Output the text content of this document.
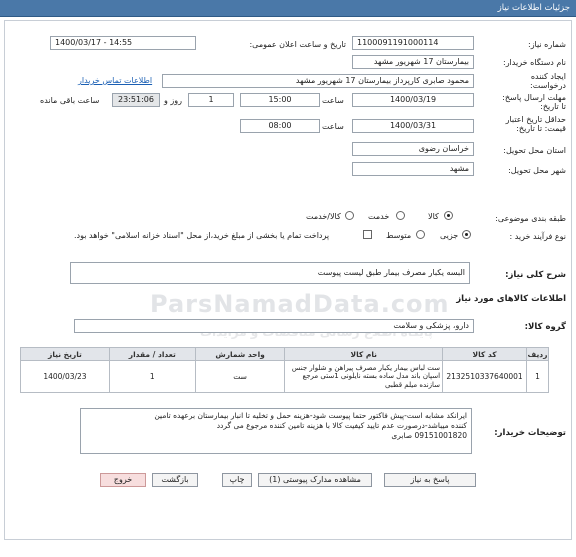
جزئیات اطلاعات نیاز
ParsNamadData.com
شماره نیاز:
1100091191000114
تاریخ و ساعت اعلان عمومی:
1400/03/17 - 14:55
نام دستگاه خریدار:
بیمارستان 17 شهریور مشهد
ایجاد کننده درخواست:
محمود صابری کارپرداز بیمارستان 17 شهریور مشهد
اطلاعات تماس خریدار
مهلت ارسال پاسخ: تا تاریخ:
1400/03/19
ساعت
15:00
1
روز و
23:51:06
ساعت باقی مانده
حداقل تاریخ اعتبار قیمت: تا تاریخ:
1400/03/31
ساعت
08:00
استان محل تحویل:
خراسان رضوی
شهر محل تحویل:
مشهد
طبقه بندی موضوعی:
کالا
خدمت
کالا/خدمت
نوع فرآیند خرید :
جزیی
متوسط
پرداخت تمام یا بخشی از مبلغ خرید،از محل "اسناد خزانه اسلامی" خواهد بود.
شرح کلی نیاز:
البسه یکبار مصرف بیمار طبق لیست پیوست
اطلاعات کالاهای مورد نیاز
گروه کالا:
دارو، پزشکی و سلامت
ردیف	کد کالا	نام کالا	واحد شمارش	تعداد / مقدار	تاریخ نیاز
1	2132510337640001	ست لباس بیمار یکبار مصرف پیراهن و شلوار جنس اسپان باند مدل ساده بسته نایلونی 1ستی مرجع سازنده میلم قطبی	ست	1	1400/03/23
توضیحات خریدار:
ایرانکد مشابه است-پیش فاکتور حتما پیوست شود-هزینه حمل و تخلیه تا انبار بیمارستان برعهده تامین
کننده میباشد-درصورت عدم تایید کیفیت کالا با هزینه تامین کننده مرجوع می گردد
09151001820 صابری
پاسخ به نیاز
مشاهده مدارک پیوستی (1)
چاپ
بازگشت
خروج
